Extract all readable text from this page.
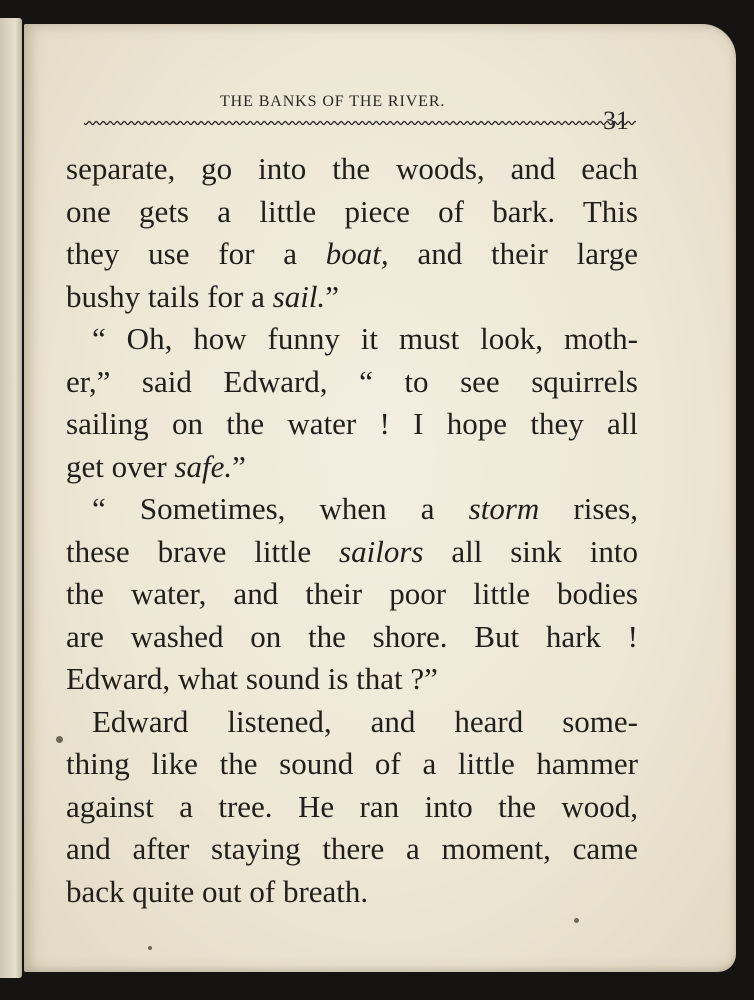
THE BANKS OF THE RIVER.
31
separate, go into the woods, and each
one gets a little piece of bark. This
they use for a boat, and their large
bushy tails for a sail.”
“ Oh, how funny it must look, moth-
er,” said Edward, “ to see squirrels
sailing on the water ! I hope they all
get over safe.”
“ Sometimes, when a storm rises,
these brave little sailors all sink into
the water, and their poor little bodies
are washed on the shore. But hark !
Edward, what sound is that ?”
Edward listened, and heard some-
thing like the sound of a little hammer
against a tree. He ran into the wood,
and after staying there a moment, came
back quite out of breath.
